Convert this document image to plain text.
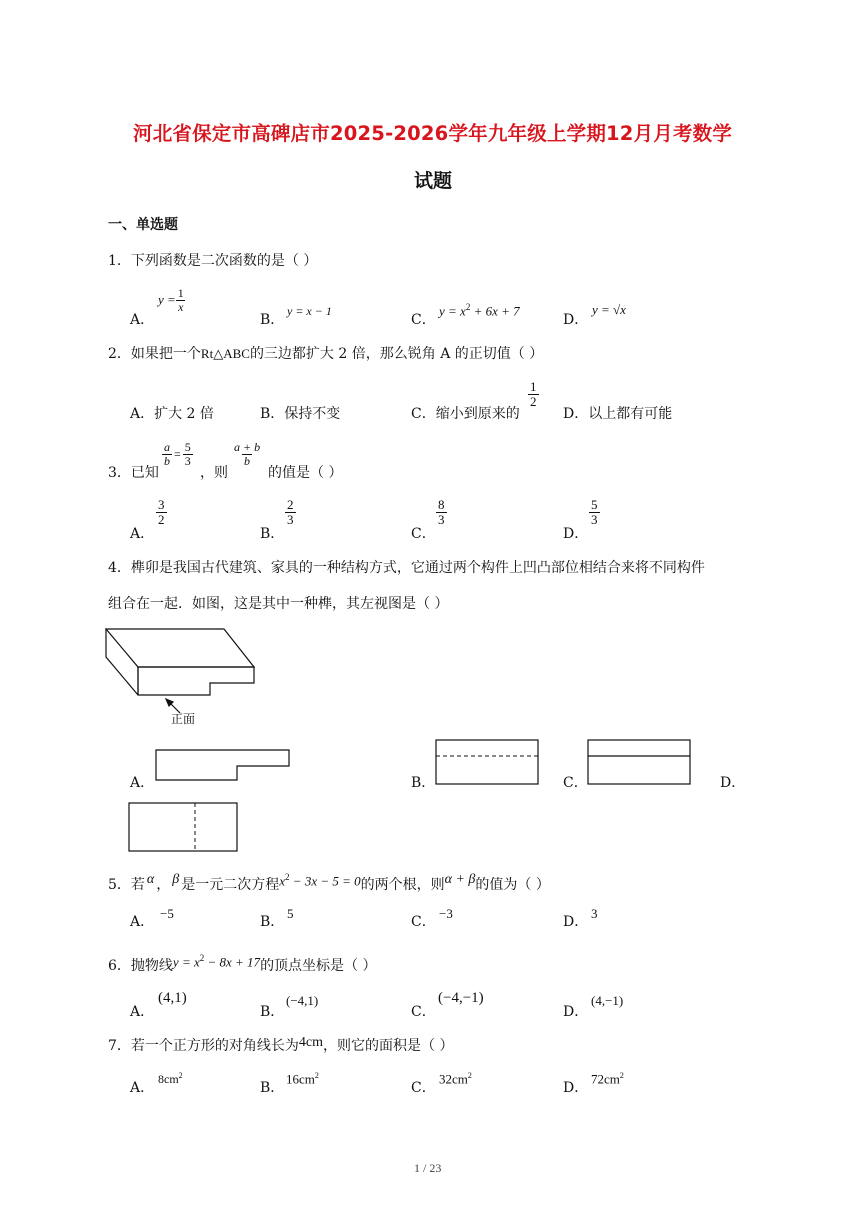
河北省保定市高碑店市2025-2026学年九年级上学期12月月考数学
试题
一、单选题
1．下列函数是二次函数的是（ ）
A．
$y = \frac{1}{x}$
B．
y = x − 1
C．
$y = x^2 + 6x + 7$
D．
y = √x
2．如果把一个Rt△ABC的三边都扩大 2 倍，那么锐角 A 的正切值（ ）
A．扩大 2 倍	B．保持不变	C．缩小到原来的
$\frac{1}{2}$
D．以上都有可能
3．已知
$\frac{a}{b} = \frac{5}{3}$
，则
$\frac{a + b}{b}$
的值是（ ）
A．
$\frac{3}{2}$
B．
$\frac{2}{3}$
C．
$\frac{8}{3}$
D．
$\frac{5}{3}$
4．榫卯是我国古代建筑、家具的一种结构方式，它通过两个构件上凹凸部位相结合来将不同构件
组合在一起．如图，这是其中一种榫，其左视图是（ ）
正面
A．	B．	C．	D．
5．若 α ， β 是一元二次方程 $x^2 - 3x - 5 = 0$ 的两个根，则 α + β 的值为（ ）
A．
−5
B．
5
C．
−3
D．
3
6．抛物线 $y = x^2 - 8x + 17$ 的顶点坐标是（ ）
A．
(4,1)
B．
(−4,1)
C．
(−4,−1)
D．
(4,−1)
7．若一个正方形的对角线长为 4cm ，则它的面积是（ ）
A．
$8cm^2$
B．
$16cm^2$
C．
$32cm^2$
D．
$72cm^2$
1 / 23
